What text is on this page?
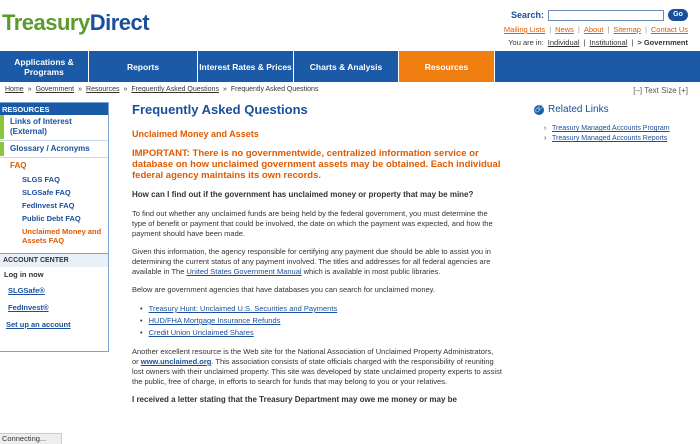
TreasuryDirect	Search:	Go
Mailing Lists | News | About | Sitemap | Contact Us
You are in: Individual | Institutional | > Government
Applications & Programs	Reports	Interest Rates & Prices	Charts & Analysis	Resources
Home » Government » Resources » Frequently Asked Questions » Frequently Asked Questions	[–] Text Size [+]
RESOURCES
Links of Interest (External)
Glossary / Acronyms
FAQ
SLGS FAQ
SLGSafe FAQ
FedInvest FAQ
Public Debt FAQ
Unclaimed Money and Assets FAQ
ACCOUNT CENTER
Log in now
SLGSafe®
FedInvest®
Set up an account
Frequently Asked Questions
Unclaimed Money and Assets
IMPORTANT: There is no governmentwide, centralized information service or database on how unclaimed government assets may be obtained. Each individual federal agency maintains its own records.
How can I find out if the government has unclaimed money or property that may be mine?
To find out whether any unclaimed funds are being held by the federal government, you must determine the type of benefit or payment that could be involved, the date on which the payment was expected, and how the payment should have been made.
Given this information, the agency responsible for certifying any payment due should be able to assist you in determining the current status of any payment involved. The titles and addresses for all federal agencies are available in The United States Government Manual which is available in most public libraries.
Below are government agencies that have databases you can search for unclaimed money.
• Treasury Hunt: Unclaimed U.S. Securities and Payments
• HUD/FHA Mortgage Insurance Refunds
• Credit Union Unclaimed Shares
Another excellent resource is the Web site for the National Association of Unclaimed Property Administrators, or www.unclaimed.org. This association consists of state officials charged with the responsibility of reuniting lost owners with their unclaimed property. This site was developed by state unclaimed property experts to assist the public, free of charge, in efforts to search for funds that may belong to you or your relatives.
I received a letter stating that the Treasury Department may owe me money or may be
🔗 Related Links
› Treasury Managed Accounts Program
› Treasury Managed Accounts Reports
Connecting...
